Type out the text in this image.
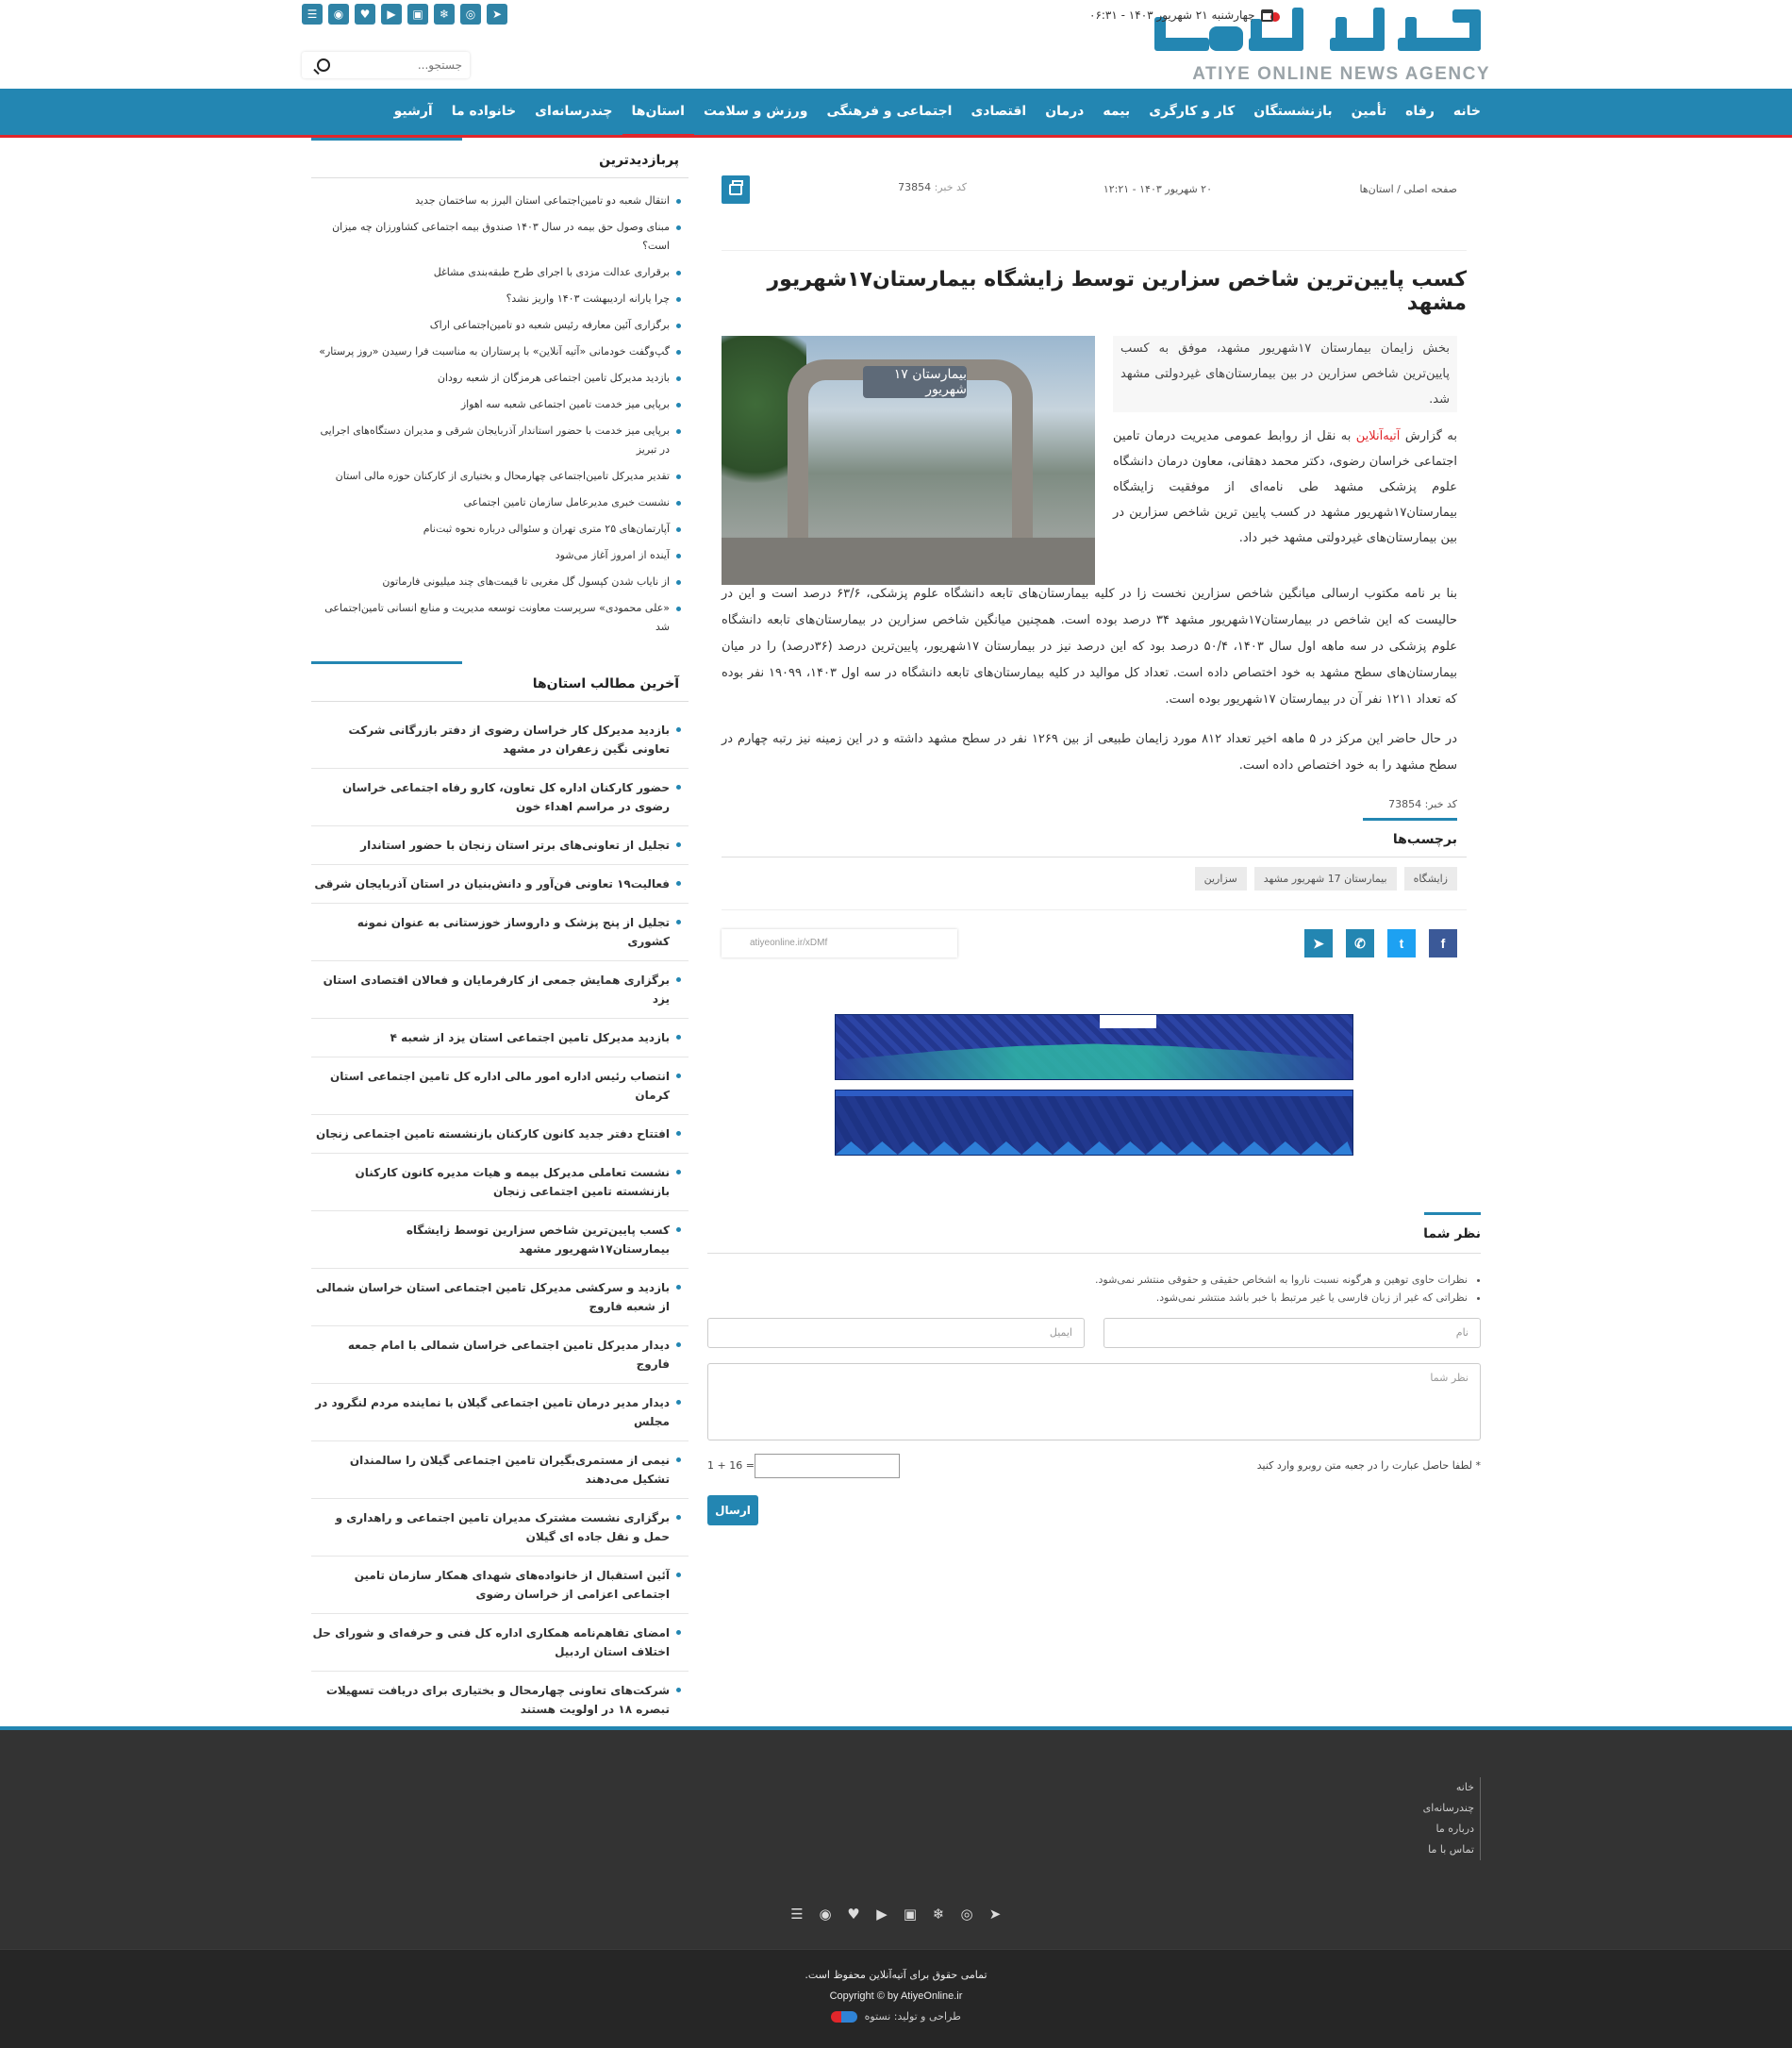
ATIYE ONLINE NEWS AGENCY
چهارشنبه ۲۱ شهریور ۱۴۰۳ - ۰۶:۳۱
➤
◎
❄
▣
▶
♥
◉
☰
جستجو...
خانه
رفاه
تأمین
بازنشستگان
کار و کارگری
بیمه
درمان
اقتصادی
اجتماعی و فرهنگی
ورزش و سلامت
استان‌ها
چندرسانه‌ای
خانواده ما
آرشیو
صفحه اصلی / استان‌ها
۲۰ شهریور ۱۴۰۳ - ۱۲:۲۱
کد خبر: 73854
کسب پایین‌ترین شاخص سزارین توسط زایشگاه بیمارستان۱۷شهریور مشهد
بیمارستان ۱۷ شهریور
بخش زایمان بیمارستان ۱۷شهریور مشهد، موفق به کسب پایین‌ترین شاخص سزارین در بین بیمارستان‌های غیردولتی مشهد شد.

به گزارش آتیه‌آنلاین به نقل از روابط عمومی مدیریت درمان تامین اجتماعی خراسان رضوی، دکتر محمد دهقانی، معاون درمان دانشگاه علوم پزشکی مشهد طی نامه‌ای از موفقیت زایشگاه بیمارستان۱۷شهریور مشهد در کسب پایین ترین شاخص سزارین در بین بیمارستان‌های غیردولتی مشهد خبر داد.

بنا بر نامه مکتوب ارسالی میانگین شاخص سزارین نخست زا در کلیه بیمارستان‌های تابعه دانشگاه علوم پزشکی، ۶۳/۶ درصد است و این در حالیست که این شاخص در بیمارستان۱۷شهریور مشهد ۳۴ درصد بوده است. همچنین میانگین شاخص سزارین در بیمارستان‌های تابعه دانشگاه علوم پزشکی در سه ماهه اول سال ۱۴۰۳، ۵۰/۴ درصد بود که این درصد نیز در بیمارستان ۱۷شهریور، پایین‌ترین درصد (۳۶درصد) را در میان بیمارستان‌های سطح مشهد به خود اختصاص داده است. تعداد کل موالید در کلیه بیمارستان‌های تابعه دانشگاه در سه اول ۱۴۰۳، ۱۹۰۹۹ نفر بوده که تعداد ۱۲۱۱ نفر آن در بیمارستان ۱۷شهریور بوده است.

در حال حاضر این مرکز در ۵ ماهه اخیر تعداد ۸۱۲ مورد زایمان طبیعی از بین ۱۲۶۹ نفر در سطح مشهد داشته و در این زمینه نیز رتبه چهارم در سطح مشهد را به خود اختصاص داده است.

کد خبر: 73854
برچسب‌ها
زایشگاه
بیمارستان 17 شهریور مشهد
سزارین
f
t
✆
➤
atiyeonline.ir/xDMf
نظر شما
• نظرات حاوی توهین و هرگونه نسبت ناروا به اشخاص حقیقی و حقوقی منتشر نمی‌شود.
• نظراتی که غیر از زبان فارسی یا غیر مرتبط با خبر باشد منتشر نمی‌شود.
نام
ایمیل
نظر شما
* لطفا حاصل عبارت را در جعبه متن روبرو وارد کنید
1 + 16 =
ارسال
پربازدیدترین
انتقال شعبه دو تامین‌اجتماعی استان البرز به ساختمان جدید
مبنای وصول حق بیمه در سال ۱۴۰۳ صندوق بیمه اجتماعی کشاورزان چه میزان است؟
برقراری عدالت مزدی با اجرای طرح طبقه‌بندی مشاغل
چرا یارانه اردیبهشت ۱۴۰۳ واریز نشد؟
برگزاری آئین معارفه رئیس شعبه دو تامین‌اجتماعی اراک
گپ‌وگفت خودمانی «آتیه آنلاین» با پرستاران به مناسبت فرا رسیدن «روز پرستار»
بازدید مدیرکل تامین اجتماعی هرمزگان از شعبه رودان
برپایی میز خدمت تامین اجتماعی شعبه سه اهواز
برپایی میز خدمت با حضور استاندار آذربایجان شرقی و مدیران دستگاه‌های اجرایی در تبریز
تقدیر مدیرکل تامین‌اجتماعی چهارمحال و بختیاری از کارکنان حوزه مالی استان
نشست خبری مدیرعامل سازمان تامین اجتماعی
آپارتمان‌های ۲۵ متری تهران و سئوالی درباره نحوه ثبت‌نام
آینده از امروز آغاز می‌شود
از نایاب شدن کپسول گل مغربی تا قیمت‌های چند میلیونی فارماتون
«علی محمودی» سرپرست معاونت توسعه مدیریت و منابع انسانی تامین‌اجتماعی شد
آخرین مطالب استان‌ها
بازدید مدیرکل کار خراسان رضوی از دفتر بازرگانی شرکت تعاونی نگین زعفران در مشهد
حضور کارکنان اداره کل تعاون، کارو رفاه اجتماعی خراسان رضوی در مراسم اهداء خون
تجلیل از تعاونی‌های برتر استان زنجان با حضور استاندار
فعالیت۱۹ تعاونی فن‌آور و دانش‌بنیان در استان آذربایجان شرقی
تجلیل از پنج پزشک و داروساز خوزستانی به عنوان نمونه کشوری
برگزاری همایش جمعی از کارفرمایان و فعالان اقتصادی استان یزد
بازدید مدیرکل تامین اجتماعی استان یزد از شعبه ۴
انتصاب رئیس اداره امور مالی اداره کل تامین اجتماعی استان کرمان
افتتاح دفتر جدید کانون کارکنان بازنشسته تامین اجتماعی زنجان
نشست تعاملی مدیرکل بیمه و هیات مدیره کانون کارکنان بازنشسته تامین اجتماعی زنجان
کسب پایین‌ترین شاخص سزارین توسط زایشگاه بیمارستان۱۷شهریور مشهد
بازدید و سرکشی مدیرکل تامین اجتماعی استان خراسان شمالی از شعبه فاروج
دیدار مدیرکل تامین اجتماعی خراسان شمالی با امام جمعه فاروج
دیدار مدیر درمان تامین اجتماعی گیلان با نماینده مردم لنگرود در مجلس
نیمی از مستمری‌بگیران تامین اجتماعی گیلان را سالمندان تشکیل می‌دهند
برگزاری نشست مشترک مدیران تامین اجتماعی و راهداری و حمل و نقل جاده ای گیلان
آئین استقبال از خانواده‌های شهدای همکار سازمان تامین اجتماعی اعزامی از خراسان رضوی
امضای تفاهم‌نامه همکاری اداره کل فنی و حرفه‌ای و شورای حل اختلاف استان اردبیل
شرکت‌های تعاونی چهارمحال و بختیاری برای دریافت تسهیلات تبصره ۱۸ در اولویت هستند
خانه
چندرسانه‌ای
درباره ما
تماس با ما
☰ ◉ ♥ ▶ ▣ ❄ ◎ ➤
تمامی حقوق برای آتیه‌آنلاین محفوظ است.
Copyright © by AtiyeOnline.ir
طراحی و تولید: نستوه
